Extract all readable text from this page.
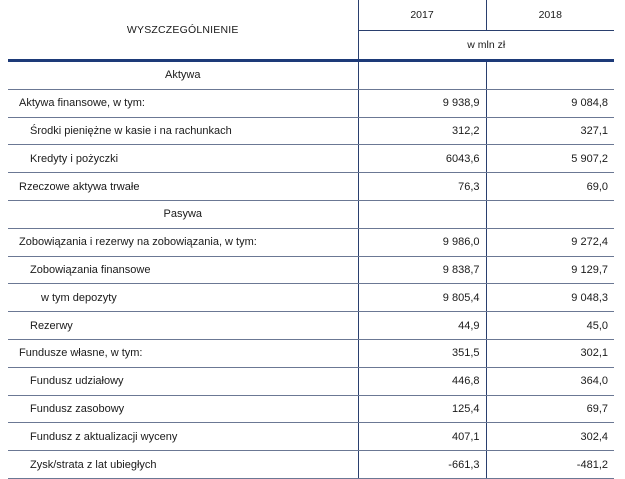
WYSZCZEGÓLNIENIE	2017	2018
	w mln zł	

Aktywa		
Aktywa finansowe, w tym:	9 938,9	9 084,8
Środki pieniężne w kasie i na rachunkach	312,2	327,1
Kredyty i pożyczki	6043,6	5 907,2
Rzeczowe aktywa trwałe	76,3	69,0
Pasywa		
Zobowiązania i rezerwy na zobowiązania, w tym:	9 986,0	9 272,4
Zobowiązania finansowe	9 838,7	9 129,7
w tym depozyty	9 805,4	9 048,3
Rezerwy	44,9	45,0
Fundusze własne, w tym:	351,5	302,1
Fundusz udziałowy	446,8	364,0
Fundusz zasobowy	125,4	69,7
Fundusz z aktualizacji wyceny	407,1	302,4
Zysk/strata z lat ubiegłych	-661,3	-481,2
